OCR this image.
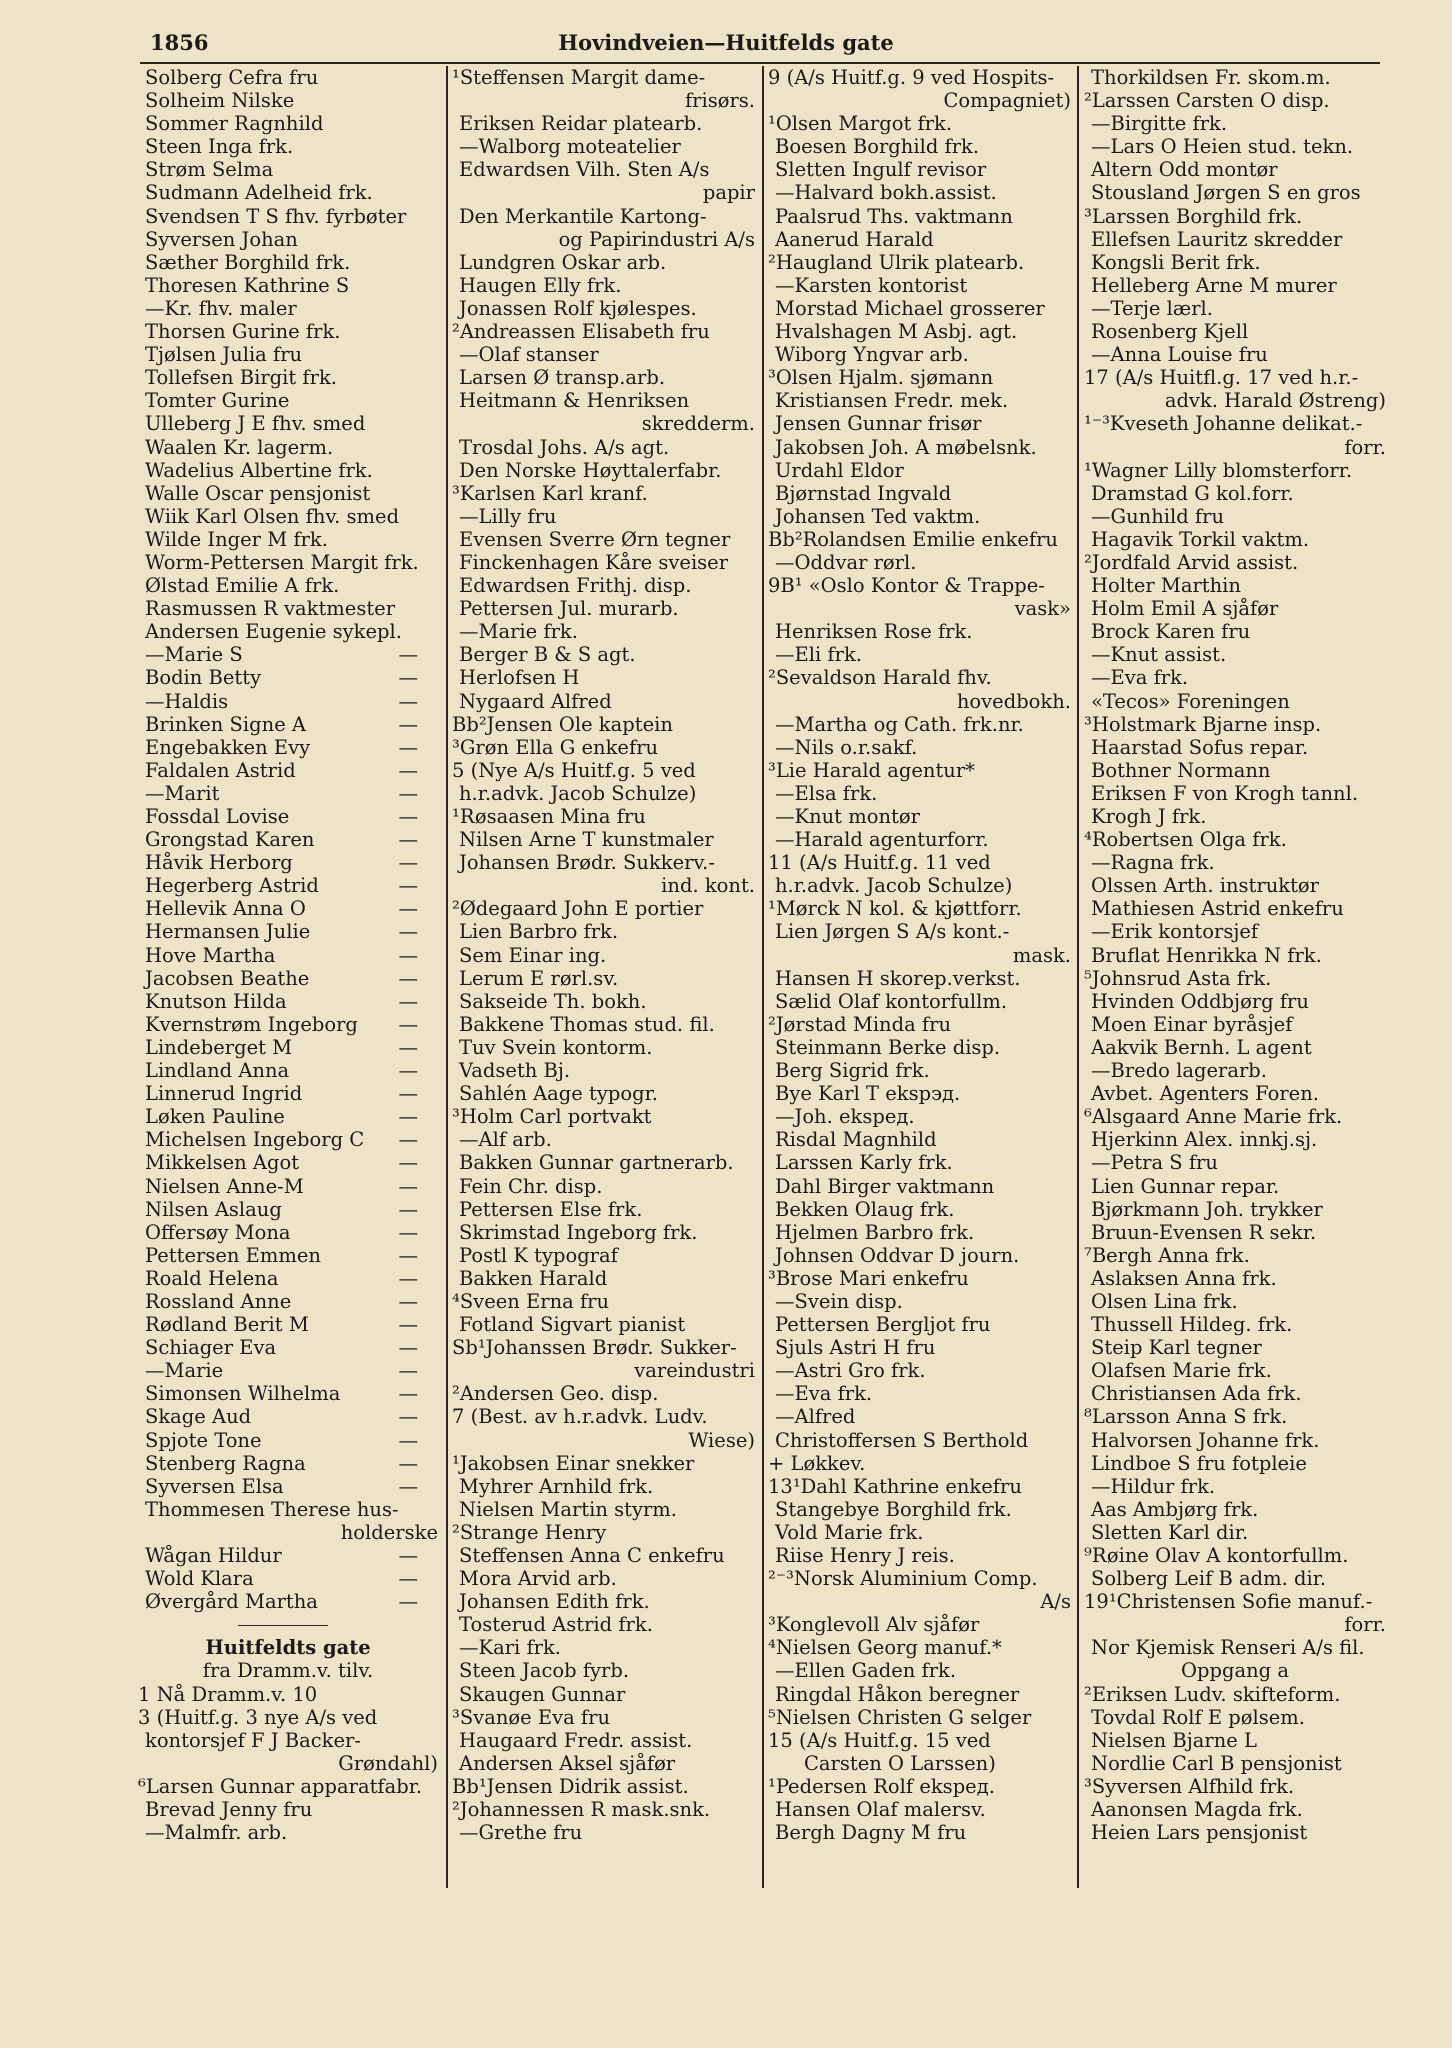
1856	Hovindveien—Huitfelds gate
Solberg Cefra fru
Solheim Nilske
Sommer Ragnhild
Steen Inga frk.
Strøm Selma
Sudmann Adelheid frk.
Svendsen T S fhv. fyrbøter
Syversen Johan
Sæther Borghild frk.
Thoresen Kathrine S
—Kr. fhv. maler
Thorsen Gurine frk.
Tjølsen Julia fru
Tollefsen Birgit frk.
Tomter Gurine
Ulleberg J E fhv. smed
Waalen Kr. lagerm.
Wadelius Albertine frk.
Walle Oscar pensjonist
Wiik Karl Olsen fhv. smed
Wilde Inger M frk.
Worm-Pettersen Margit frk.
Ølstad Emilie A frk.
Rasmussen R vaktmester
Andersen Eugenie sykepl.
—Marie S	—
Bodin Betty	—
—Haldis	—
Brinken Signe A	—
Engebakken Evy	—
Faldalen Astrid	—
—Marit	—
Fossdal Lovise	—
Grongstad Karen	—
Håvik Herborg	—
Hegerberg Astrid	—
Hellevik Anna O	—
Hermansen Julie	—
Hove Martha	—
Jacobsen Beathe	—
Knutson Hilda	—
Kvernstrøm Ingeborg —
Lindeberget M	—
Lindland Anna	—
Linnerud Ingrid	—
Løken Pauline	—
Michelsen Ingeborg C —
Mikkelsen Agot	—
Nielsen Anne-M	—
Nilsen Aslaug	—
Offersøy Mona	—
Pettersen Emmen	—
Roald Helena	—
Rossland Anne	—
Rødland Berit M	—
Schiager Eva	—
—Marie	—
Simonsen Wilhelma	—
Skage Aud	—
Spjote Tone	—
Stenberg Ragna	—
Syversen Elsa	—
Thommesen Therese hus-
holderske
Wågan Hildur	—
Wold Klara	—
Øvergård Martha	—
Huitfeldts gate
fra Dramm.v. tilv.
1 Nå Dramm.v. 10
3 (Huitf.g. 3 nye A/s ved
kontorsjef F J Backer-
Grøndahl)
⁶Larsen Gunnar apparatfabr.
Brevad Jenny fru
—Malmfr. arb.
¹Steffensen Margit dame-
frisørs.
Eriksen Reidar platearb.
—Walborg moteatelier
Edwardsen Vilh. Sten A/s
papir
Den Merkantile Kartong-
og Papirindustri A/s
Lundgren Oskar arb.
Haugen Elly frk.
Jonassen Rolf kjølespes.
²Andreassen Elisabeth fru
—Olaf stanser
Larsen Ø transp.arb.
Heitmann & Henriksen
skredderm.
Trosdal Johs. A/s agt.
Den Norske Høyttalerfabr.
³Karlsen Karl kranf.
—Lilly fru
Evensen Sverre Ørn tegner
Finckenhagen Kåre sveiser
Edwardsen Frithj. disp.
Pettersen Jul. murarb.
—Marie frk.
Berger B & S agt.
Herlofsen H
Nygaard Alfred
Bb²Jensen Ole kaptein
³Grøn Ella G enkefru
5 (Nye A/s Huitf.g. 5 ved
h.r.advk. Jacob Schulze)
¹Røsaasen Mina fru
Nilsen Arne T kunstmaler
Johansen Brødr. Sukkerv.-
ind. kont.
²Ødegaard John E portier
Lien Barbro frk.
Sem Einar ing.
Lerum E rørl.sv.
Sakseide Th. bokh.
Bakkene Thomas stud. fil.
Tuv Svein kontorm.
Vadseth Bj.
Sahlén Aage typogr.
³Holm Carl portvakt
—Alf arb.
Bakken Gunnar gartnerarb.
Fein Chr. disp.
Pettersen Else frk.
Skrimstad Ingeborg frk.
Postl K typograf
Bakken Harald
⁴Sveen Erna fru
Fotland Sigvart pianist
Sb¹Johanssen Brødr. Sukker-
vareindustri
²Andersen Geo. disp.
7 (Best. av h.r.advk. Ludv.
Wiese)
¹Jakobsen Einar snekker
Myhrer Arnhild frk.
Nielsen Martin styrm.
²Strange Henry
Steffensen Anna C enkefru
Mora Arvid arb.
Johansen Edith frk.
Tosterud Astrid frk.
—Kari frk.
Steen Jacob fyrb.
Skaugen Gunnar
³Svanøe Eva fru
Haugaard Fredr. assist.
Andersen Aksel sjåfør
Bb¹Jensen Didrik assist.
²Johannessen R mask.snk.
—Grethe fru
9 (A/s Huitf.g. 9 ved Hospits-
Compagniet)
¹Olsen Margot frk.
Boesen Borghild frk.
Sletten Ingulf revisor
—Halvard bokh.assist.
Paalsrud Ths. vaktmann
Aanerud Harald
²Haugland Ulrik platearb.
—Karsten kontorist
Morstad Michael grosserer
Hvalshagen M Asbj. agt.
Wiborg Yngvar arb.
³Olsen Hjalm. sjømann
Kristiansen Fredr. mek.
Jensen Gunnar frisør
Jakobsen Joh. A møbelsnk.
Urdahl Eldor
Bjørnstad Ingvald
Johansen Ted vaktm.
Bb²Rolandsen Emilie enkefru
—Oddvar rørl.
9B¹ «Oslo Kontor & Trappe-
vask»
Henriksen Rose frk.
—Eli frk.
²Sevaldson Harald fhv.
hovedbokh.
—Martha og Cath. frk.nr.
—Nils o.r.sakf.
³Lie Harald agentur*
—Elsa frk.
—Knut montør
—Harald agenturforr.
11 (A/s Huitf.g. 11 ved
h.r.advk. Jacob Schulze)
¹Mørck N kol. & kjøttforr.
Lien Jørgen S A/s kont.-
mask.
Hansen H skorep.verkst.
Sælid Olaf kontorfullm.
²Jørstad Minda fru
Steinmann Berke disp.
Berg Sigrid frk.
Bye Karl T ekspэд.
—Joh. ekspeд.
Risdal Magnhild
Larssen Karly frk.
Dahl Birger vaktmann
Bekken Olaug frk.
Hjelmen Barbro frk.
Johnsen Oddvar D journ.
³Brose Mari enkefru
—Svein disp.
Pettersen Bergljot fru
Sjuls Astri H fru
—Astri Gro frk.
—Eva frk.
—Alfred
Christoffersen S Berthold
+ Løkkev.
13¹Dahl Kathrine enkefru
Stangebye Borghild frk.
Vold Marie frk.
Riise Henry J reis.
²⁻³Norsk Aluminium Comp.
A/s
³Konglevoll Alv sjåfør
⁴Nielsen Georg manuf.*
—Ellen Gaden frk.
Ringdal Håkon beregner
⁵Nielsen Christen G selger
15 (A/s Huitf.g. 15 ved
Carsten O Larssen)
¹Pedersen Rolf ekspeд.
Hansen Olaf malersv.
Bergh Dagny M fru
Thorkildsen Fr. skom.m.
²Larssen Carsten O disp.
—Birgitte frk.
—Lars O Heien stud. tekn.
Altern Odd montør
Stousland Jørgen S en gros
³Larssen Borghild frk.
Ellefsen Lauritz skredder
Kongsli Berit frk.
Helleberg Arne M murer
—Terje lærl.
Rosenberg Kjell
—Anna Louise fru
17 (A/s Huitfl.g. 17 ved h.r.-
advk. Harald Østreng)
¹⁻³Kveseth Johanne delikat.-
forr.
¹Wagner Lilly blomsterforr.
Dramstad G kol.forr.
—Gunhild fru
Hagavik Torkil vaktm.
²Jordfald Arvid assist.
Holter Marthin
Holm Emil A sjåfør
Brock Karen fru
—Knut assist.
—Eva frk.
«Tecos» Foreningen
³Holstmark Bjarne insp.
Haarstad Sofus repar.
Bothner Normann
Eriksen F von Krogh tannl.
Krogh J frk.
⁴Robertsen Olga frk.
—Ragna frk.
Olssen Arth. instruktør
Mathiesen Astrid enkefru
—Erik kontorsjef
Bruflat Henrikka N frk.
⁵Johnsrud Asta frk.
Hvinden Oddbjørg fru
Moen Einar byråsjef
Aakvik Bernh. L agent
—Bredo lagerarb.
Avbet. Agenters Foren.
⁶Alsgaard Anne Marie frk.
Hjerkinn Alex. innkj.sj.
—Petra S fru
Lien Gunnar repar.
Bjørkmann Joh. trykker
Bruun-Evensen R sekr.
⁷Bergh Anna frk.
Aslaksen Anna frk.
Olsen Lina frk.
Thussell Hildeg. frk.
Steip Karl tegner
Olafsen Marie frk.
Christiansen Ada frk.
⁸Larsson Anna S frk.
Halvorsen Johanne frk.
Lindboe S fru fotpleie
—Hildur frk.
Aas Ambjørg frk.
Sletten Karl dir.
⁹Røine Olav A kontorfullm.
Solberg Leif B adm. dir.
19¹Christensen Sofie manuf.-
forr.
Nor Kjemisk Renseri A/s fil.
Oppgang a
²Eriksen Ludv. skifteform.
Tovdal Rolf E pølsem.
Nielsen Bjarne L
Nordlie Carl B pensjonist
³Syversen Alfhild frk.
Aanonsen Magda frk.
Heien Lars pensjonist
